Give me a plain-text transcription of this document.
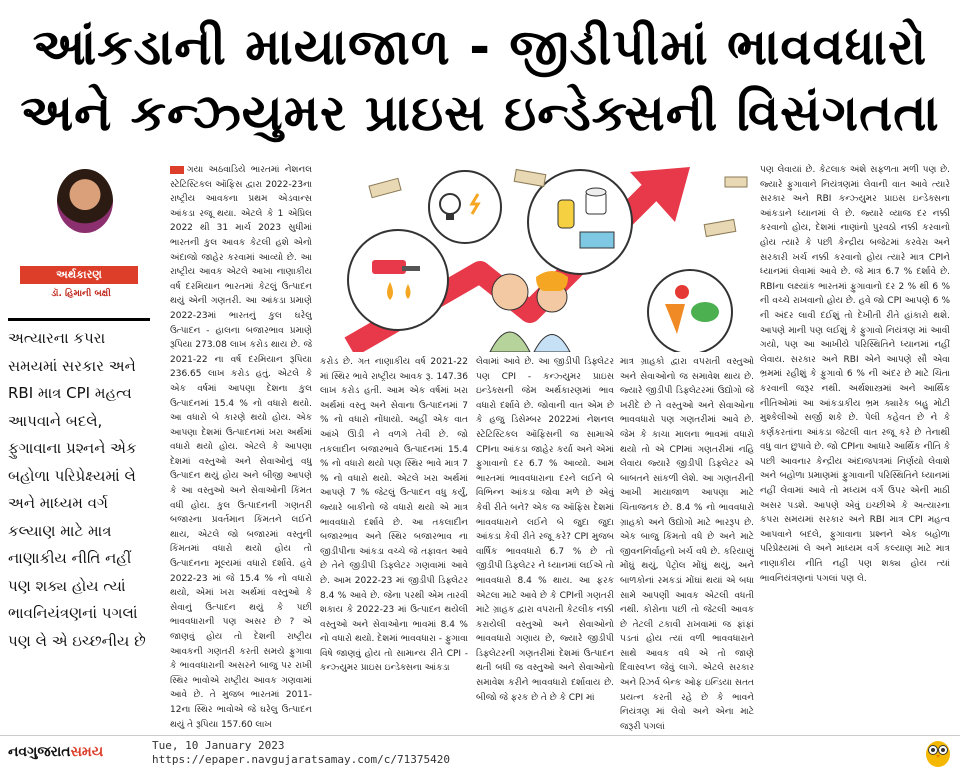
આંકડાની માયાજાળ - જીડીપીમાં ભાવવધારો
અને કન્ઝ્યુમર પ્રાઇસ ઇન્ડેક્સની વિસંગતતા
અર્થકારણ
ડૉ. હિમાની બક્ષી
અત્યારના કપરા સમયમાં સરકાર અને RBI માત્ર CPI મહત્વ આપવાને બદલે, ફુગાવાના પ્રશ્નને એક બહોળા પરિપ્રેક્ષ્યમાં લે અને માધ્યમ વર્ગ કલ્યાણ માટે માત્ર નાણાકીય નીતિ નહીં પણ શક્ય હોય ત્યાં ભાવનિયંત્રણનાં પગલાં પણ લે એ ઇચ્છનીય છે
ગયા અઠવાડિયે ભારતમાં નેશનલ સ્ટેટિસ્ટિકલ ઑફિસ દ્વારા 2022-23ના રાષ્ટ્રીય આવકના પ્રથમ એડવાન્સ આંકડા રજૂ થયા. એટલે કે 1 એપ્રિલ 2022 થી 31 માર્ચ 2023 સુધીમાં ભારતની કુલ આવક કેટલી હશે એનો અંદાજો જાહેર કરવામાં આવ્યો છે. આ રાષ્ટ્રીય આવક એટલે આખા નાણાકીય વર્ષ દરમિયાન ભારતમાં કેટલું ઉત્પાદન થયું એની ગણતરી. આ આંકડા પ્રમાણે 2022-23માં ભારતનું કુલ ઘરેલુ ઉત્પાદન - હાલના બજારભાવ પ્રમાણે રૂપિયા 273.08 લાખ કરોડ થાય છે. જે 2021-22 ના વર્ષ દરમિયાન રૂપિયા 236.65 લાખ કરોડ હતું. એટલે કે એક વર્ષમાં આપણા દેશના કુલ ઉત્પાદનમાં 15.4 % નો વધારો થયો. આ વધારો બે કારણે થયો હોય. એક આપણા દેશમાં ઉત્પાદનમાં ખરા અર્થમાં વધારો થયો હોય. એટલે કે આપણા દેશમાં વસ્તુઓ અને સેવાઓનું વધુ ઉત્પાદન થયું હોય અને બીજી આપણે કે આ વસ્તુઓ અને સેવાઓની કિંમત વધી હોય. કુલ ઉત્પાદનની ગણતરી બજારના પ્રવર્તમાન કિંમતને લઈને થાય, એટલે જો બજારમાં વસ્તુની કિંમતમાં વધારો થયો હોય તો ઉત્પાદનના મૂલ્યમાં વધારો દર્શાવે. હવે 2022-23 માં જે 15.4 % નો વધારો થયો, એમાં ખરા અર્થમાં વસ્તુઓ કે સેવાનું ઉત્પાદન થયું કે પછી ભાવવધારાની પણ અસર છે ? એ જાણવું હોય તો દેશની રાષ્ટ્રીય આવકની ગણતરી કરતી સમયે ફુગાવા કે ભાવવધારાની અસરને બાજુ પર રાખી સ્થિર ભાવોએ રાષ્ટ્રીય આવક ગણવામાં આવે છે. તે મુજબ ભારતમાં 2011-12ના સ્થિર ભાવોએ જે ઘરેલુ ઉત્પાદન થયું તે રૂપિયા 157.60 લાખ
કરોડ છે. ગત નાણાકીય વર્ષ 2021-22 માં સ્થિર ભાવે રાષ્ટ્રીય આવક રૂ. 147.36 લાખ કરોડ હતી. આમ એક વર્ષમાં ખરા અર્થમાં વસ્તુ અને સેવાના ઉત્પાદનમાં 7 % નો વધારો નોંધાયો. અહીં એક વાત આંખે ઊડી ને વળગે તેવી છે. જો તકલાદીન બજારભાવે ઉત્પાદનમાં 15.4 % નો વધારો થયો પણ સ્થિર ભાવે માત્ર 7 % નો વધારો થયો. એટલે ખરા અર્થમાં આપણે 7 % જેટલું ઉત્પાદન વધુ કર્યું, જ્યારે બાકીનો જે વધારો થયો એ માત્ર ભાવવધારો દર્શાવે છે. આ તકલાદીન બજારભાવ અને સ્થિર બજારભાવ ના જીડીપીના આંકડા વચ્ચે જે તફાવત આવે છે તેને જીડીપી ડિફ્લેટર ગણવામાં આવે છે. આમ 2022-23 માં જીડીપી ડિફ્લેટર 8.4 % આવે છે. જેના પરથી એમ તારવી શકાય કે 2022-23 માં ઉત્પાદન થયેલી વસ્તુઓ અને સેવાઓના ભાવમાં 8.4 % નો વધારો થયો. દેશમાં ભાવવધારા - ફુગાવા વિષે જાણવું હોય તો સામાન્ય રીતે CPI - કન્ઝ્યુમર પ્રાઇસ ઇન્ડેક્સના આંકડા
લેવામાં આવે છે. આ જીડીપી ડિફ્લેટર પણ CPI - કન્ઝ્યુમર પ્રાઇસ ઇન્ડેક્સની જેમ અર્થકારણમાં ભાવ વધારો દર્શાવે છે. જોવાની વાત એમ છે કે હજુ ડિસેમ્બર 2022માં નેશનલ સ્ટેટિસ્ટિકલ ઑફિસની જ સામાએ CPIના આંકડા જાહેર કર્યા અને એમાં ફુગાવાનો દર 6.7 % આવ્યો. આમ ભારતમાં ભાવવધારાના દરને લઈને બે વિભિન્ન આંકડા જોવા મળે છે એવું કેવી રીતે બને? એક જ ઑફિસ દેશમાં ભાવવધારાને લઈને બે જુદા જુદા આંકડા કેવી રીતે રજૂ કરે? CPI મુજબ વાર્ષિક ભાવવધારો 6.7 % છે તો જીડીપી ડિફ્લેટર ને ધ્યાનમાં લઈએ તો ભાવવધારો 8.4 % થાય. આ ફરક એટલા માટે આવે છે કે CPIની ગણતરી માટે ગ્રાહક દ્વારા વપરાતી કેટલીક નક્કી કરાયેલી વસ્તુઓ અને સેવાઓનો ભાવવધારો ગણાય છે, જ્યારે જીડીપી ડિફ્લેટરની ગણતરીમાં દેશમાં ઉત્પાદન થતી બધી જ વસ્તુઓ અને સેવાઓનો સમાવેશ કરીને ભાવવધારો દર્શાવાય છે. બીજો જે ફરક છે તે છે કે CPI માં
માત્ર ગ્રાહકો દ્વારા વપરાતી વસ્તુઓ અને સેવાઓનો જ સમાવેશ થાય છે. જ્યારે જીડીપી ડિફ્લેટરમાં ઉદ્યોગો જે ખરીદે છે તે વસ્તુઓ અને સેવાઓના ભાવવધારો પણ ગણતરીમાં આવે છે. જેમ કે કાચા માલના ભાવમાં વધારો થયો તો એ CPIમાં ગણતરીમાં નહિ લેવાય જ્યારે જીડીપી ડિફ્લેટર એ બાબતને સાંકળી લેશે. આ ગણતરીની આખી માયાજાળ આપણા માટે ચિંતાજનક છે. 8.4 % નો ભાવવધારો ગ્રાહકો અને ઉદ્યોગો માટે ભારરૂપ છે. એક બાજુ કિંમતો વધે છે અને માટે જીવનનિર્વાહનો ખર્ચ વધે છે. કરિયાણું મોંઘું થયું, પેટ્રોલ મોંઘું થયું, અને બાળકોનાં રમકડાં મોંઘાં થયાં એ બધા સામે આપણી આવક એટલી વધતી નથી. કોરોના પછી તો જેટલી આવક છે તેટલી ટકાવી રાખવામાં જ ફાંફાં પડતાં હોય ત્યાં વળી ભાવવધારાને સાથે આવક વધે એ તો જાણે દિવાસ્વપ્ન જેવું લાગે. એટલે સરકાર અને રિઝર્વ બેન્ક ઓફ ઇન્ડિયા સતત પ્રયત્ન કરતી રહે છે કે ભાવને નિયંત્રણ માં લેવો અને એના માટે જરૂરી પગલાં
પણ લેવાયાં છે. કેટલાક અંશે સફળતા મળી પણ છે. જ્યારે ફુગાવાને નિયંત્રણમાં લેવાની વાત આવે ત્યારે સરકાર અને RBI કન્ઝ્યુમર પ્રાઇસ ઇન્ડેક્સના આંકડાને ધ્યાનમાં લે છે. જ્યારે વ્યાજ દર નક્કી કરવાનો હોય, દેશમાં નાણાંનો પુરવઠો નક્કી કરવાનો હોય ત્યારે કે પછી કેન્દ્રીય બજેટમાં કરવેરા અને સરકારી ખર્ચ નક્કી કરવાનો હોય ત્યારે માત્ર CPIને ધ્યાનમાં લેવામાં આવે છે. જે માત્ર 6.7 % દર્શાવે છે. RBIના લક્ષ્યાંક ભારતમાં ફુગાવાનો દર 2 % થી 6 % ની વચ્ચે રાખવાનો હોય છે. હવે જો CPI આપણે 6 % ની અંદર લાવી દઈશું તો દેખીતી રીતે હાંકારો થશે. આપણે માની પણ લઈશું કે ફુગાવો નિયંત્રણ માં આવી ગયો, પણ આ આખીયે પરિસ્થિતિને ધ્યાનમાં નહીં લેવાય. સરકાર અને RBI એને આપણે સૌ એવા ભ્રમમાં રહીશું કે ફુગાવો 6 % ની અંદર છે માટે ચિંતા કરવાની જરૂર નથી. અર્થશાસ્ત્રમાં અને આર્થિક નીતિઓમાં આ આંકડાકીય ભ્રમ ક્યારેક બહુ મોટી મુશ્કેલીઓ સર્જી શકે છે. પેલી કહેવત છે ને કે કર્ણકરતાંના આંકડા જેટલી વાત રજૂ કરે છે તેનાથી વધુ વાત છુપાવે છે. જો CPIના આધારે આર્થિક નીતિ કે પછી આવનાર કેન્દ્રીય અંદાજપત્રમાં નિર્ણયો લેવાશે અને બહોળા પ્રમાણમાં ફુગાવાની પરિસ્થિતિને ધ્યાનમાં નહીં લેવામાં આવે તો મધ્યમ વર્ગ ઉપર એની માઠી અસર પડશે. આપણે એવું ઇચ્છીએ કે અત્યારના કપરા સમયમાં સરકાર અને RBI માત્ર CPI મહત્વ આપવાને બદલે, ફુગાવાના પ્રશ્નને એક બહોળા પરિપ્રેક્ષ્યમાં લે અને માધ્યમ વર્ગ કલ્યાણ માટે માત્ર નાણાકીય નીતિ નહીં પણ શક્ય હોય ત્યાં ભાવનિયંત્રણનાં પગલાં પણ લે.
નવગુજરાતસમય	Tue, 10 January 2023
https://epaper.navgujaratsamay.com/c/71375420
